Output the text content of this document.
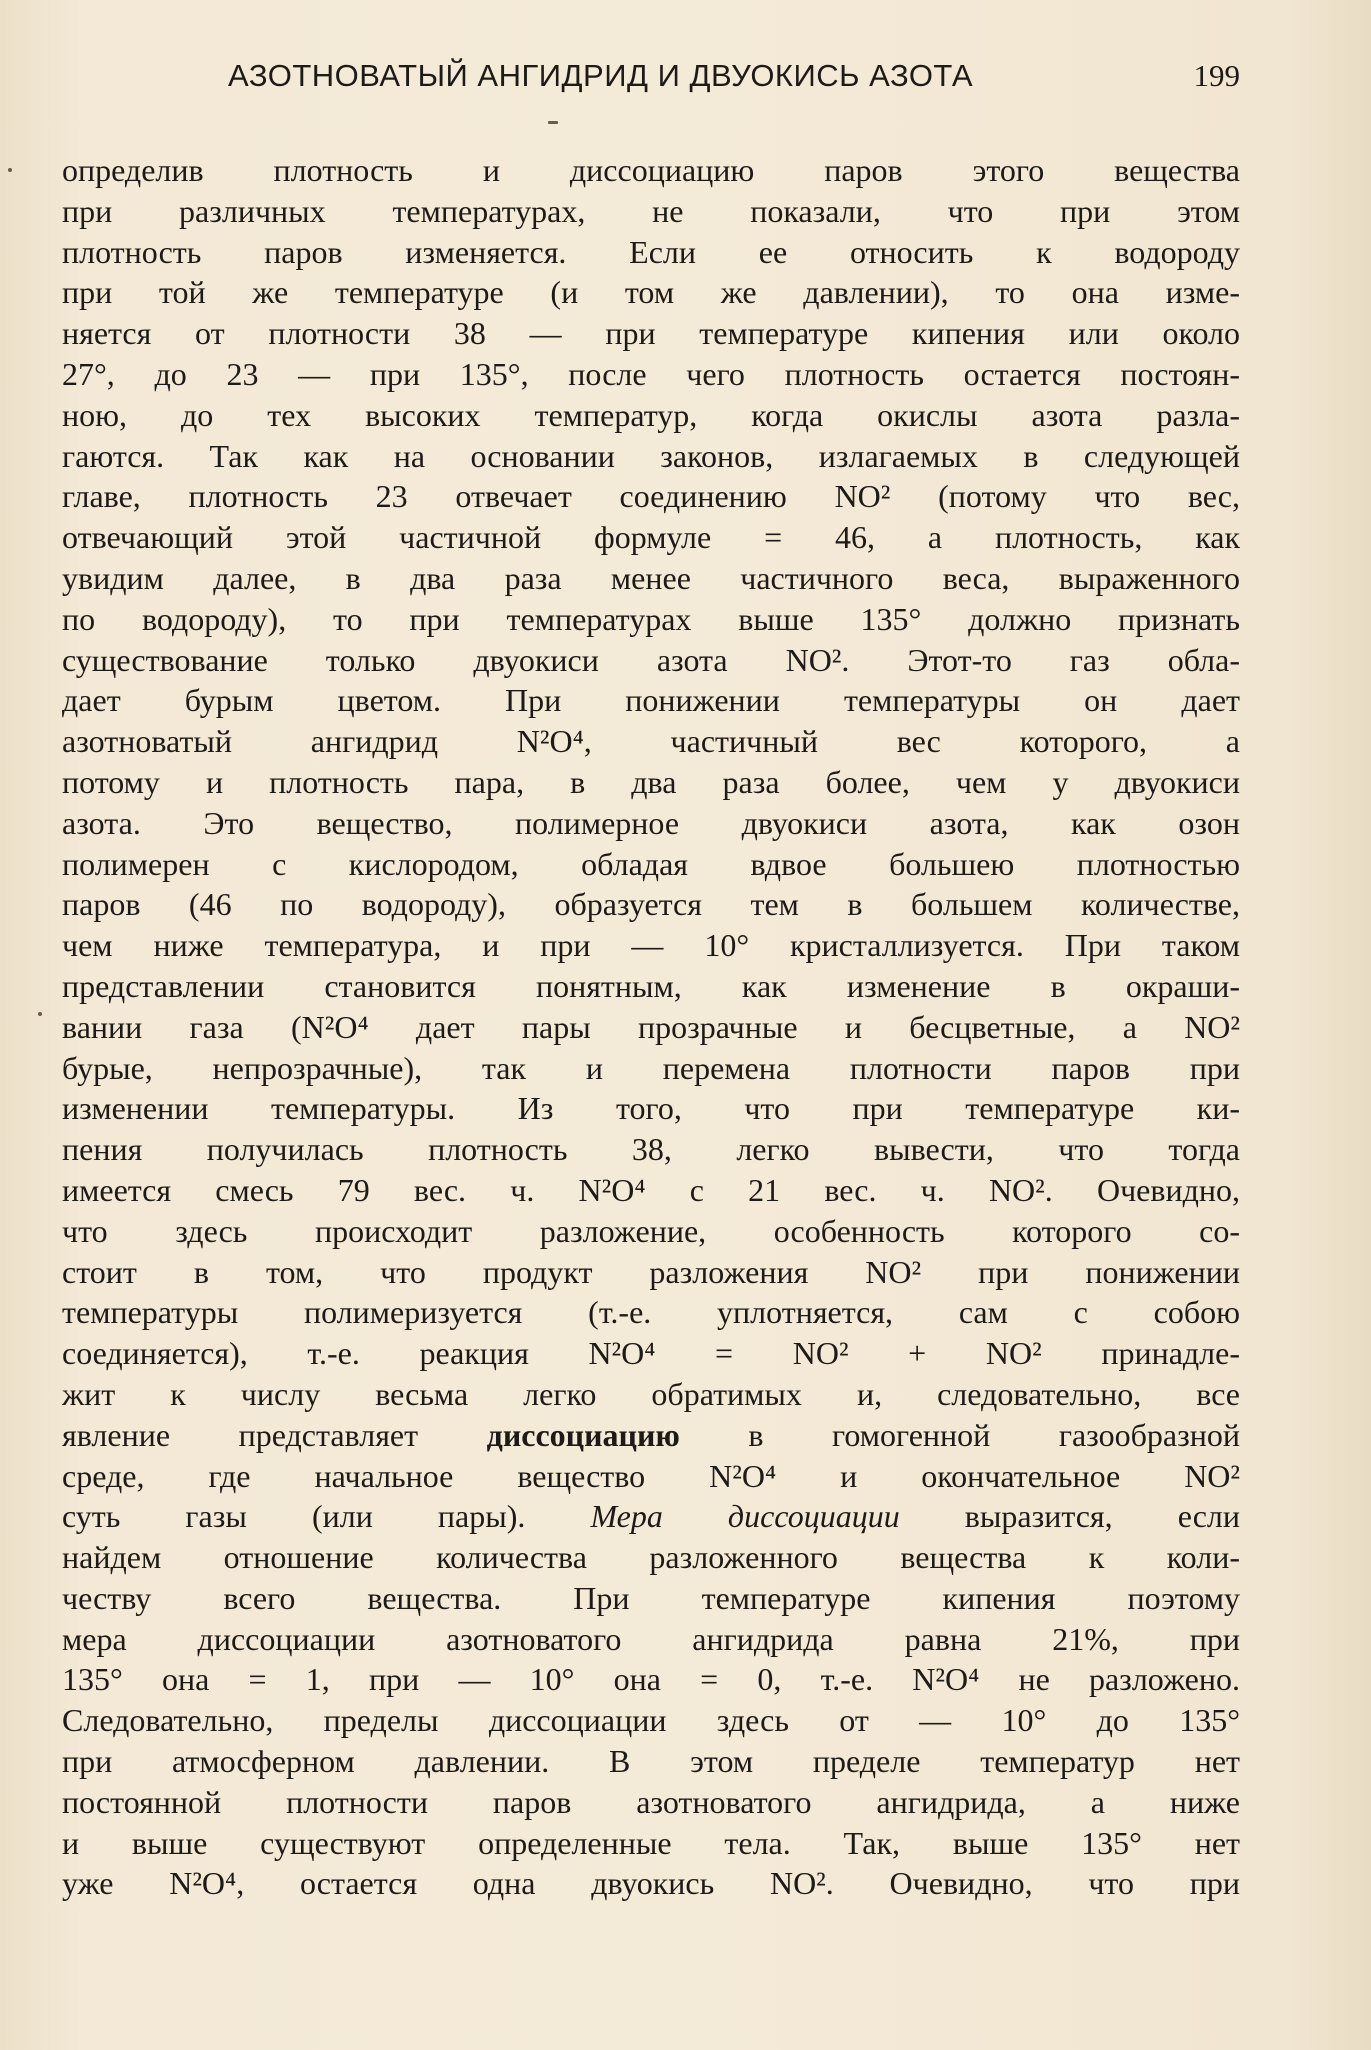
АЗОТНОВАТЫЙ АНГИДРИД И ДВУОКИСЬ АЗОТА	199
определив плотность и диссоциацию паров этого вещества
при различных температурах, не показали, что при этом
плотность паров изменяется. Если ее относить к водороду
при той же температуре (и том же давлении), то она изме-
няется от плотности 38 — при температуре кипения или около
27°, до 23 — при 135°, после чего плотность остается постоян-
ною, до тех высоких температур, когда окислы азота разла-
гаются. Так как на основании законов, излагаемых в следующей
главе, плотность 23 отвечает соединению NO² (потому что вес,
отвечающий этой частичной формуле = 46, а плотность, как
увидим далее, в два раза менее частичного веса, выраженного
по водороду), то при температурах выше 135° должно признать
существование только двуокиси азота NO². Этот-то газ обла-
дает бурым цветом. При понижении температуры он дает
азотноватый ангидрид N²O⁴, частичный вес которого, а
потому и плотность пара, в два раза более, чем у двуокиси
азота. Это вещество, полимерное двуокиси азота, как озон
полимерен с кислородом, обладая вдвое большею плотностью
паров (46 по водороду), образуется тем в большем количестве,
чем ниже температура, и при — 10° кристаллизуется. При таком
представлении становится понятным, как изменение в окраши-
вании газа (N²O⁴ дает пары прозрачные и бесцветные, а NO²
бурые, непрозрачные), так и перемена плотности паров при
изменении температуры. Из того, что при температуре ки-
пения получилась плотность 38, легко вывести, что тогда
имеется смесь 79 вес. ч. N²O⁴ с 21 вес. ч. NO². Очевидно,
что здесь происходит разложение, особенность которого со-
стоит в том, что продукт разложения NO² при понижении
температуры полимеризуется (т.-е. уплотняется, сам с собою
соединяется), т.-е. реакция N²O⁴ = NO² + NO² принадле-
жит к числу весьма легко обратимых и, следовательно, все
явление представляет диссоциацию в гомогенной газообразной
среде, где начальное вещество N²O⁴ и окончательное NO²
суть газы (или пары). Мера диссоциации выразится, если
найдем отношение количества разложенного вещества к коли-
честву всего вещества. При температуре кипения поэтому
мера диссоциации азотноватого ангидрида равна 21%, при
135° она = 1, при — 10° она = 0, т.-е. N²O⁴ не разложено.
Следовательно, пределы диссоциации здесь от — 10° до 135°
при атмосферном давлении. В этом пределе температур нет
постоянной плотности паров азотноватого ангидрида, а ниже
и выше существуют определенные тела. Так, выше 135° нет
уже N²O⁴, остается одна двуокись NO². Очевидно, что при
